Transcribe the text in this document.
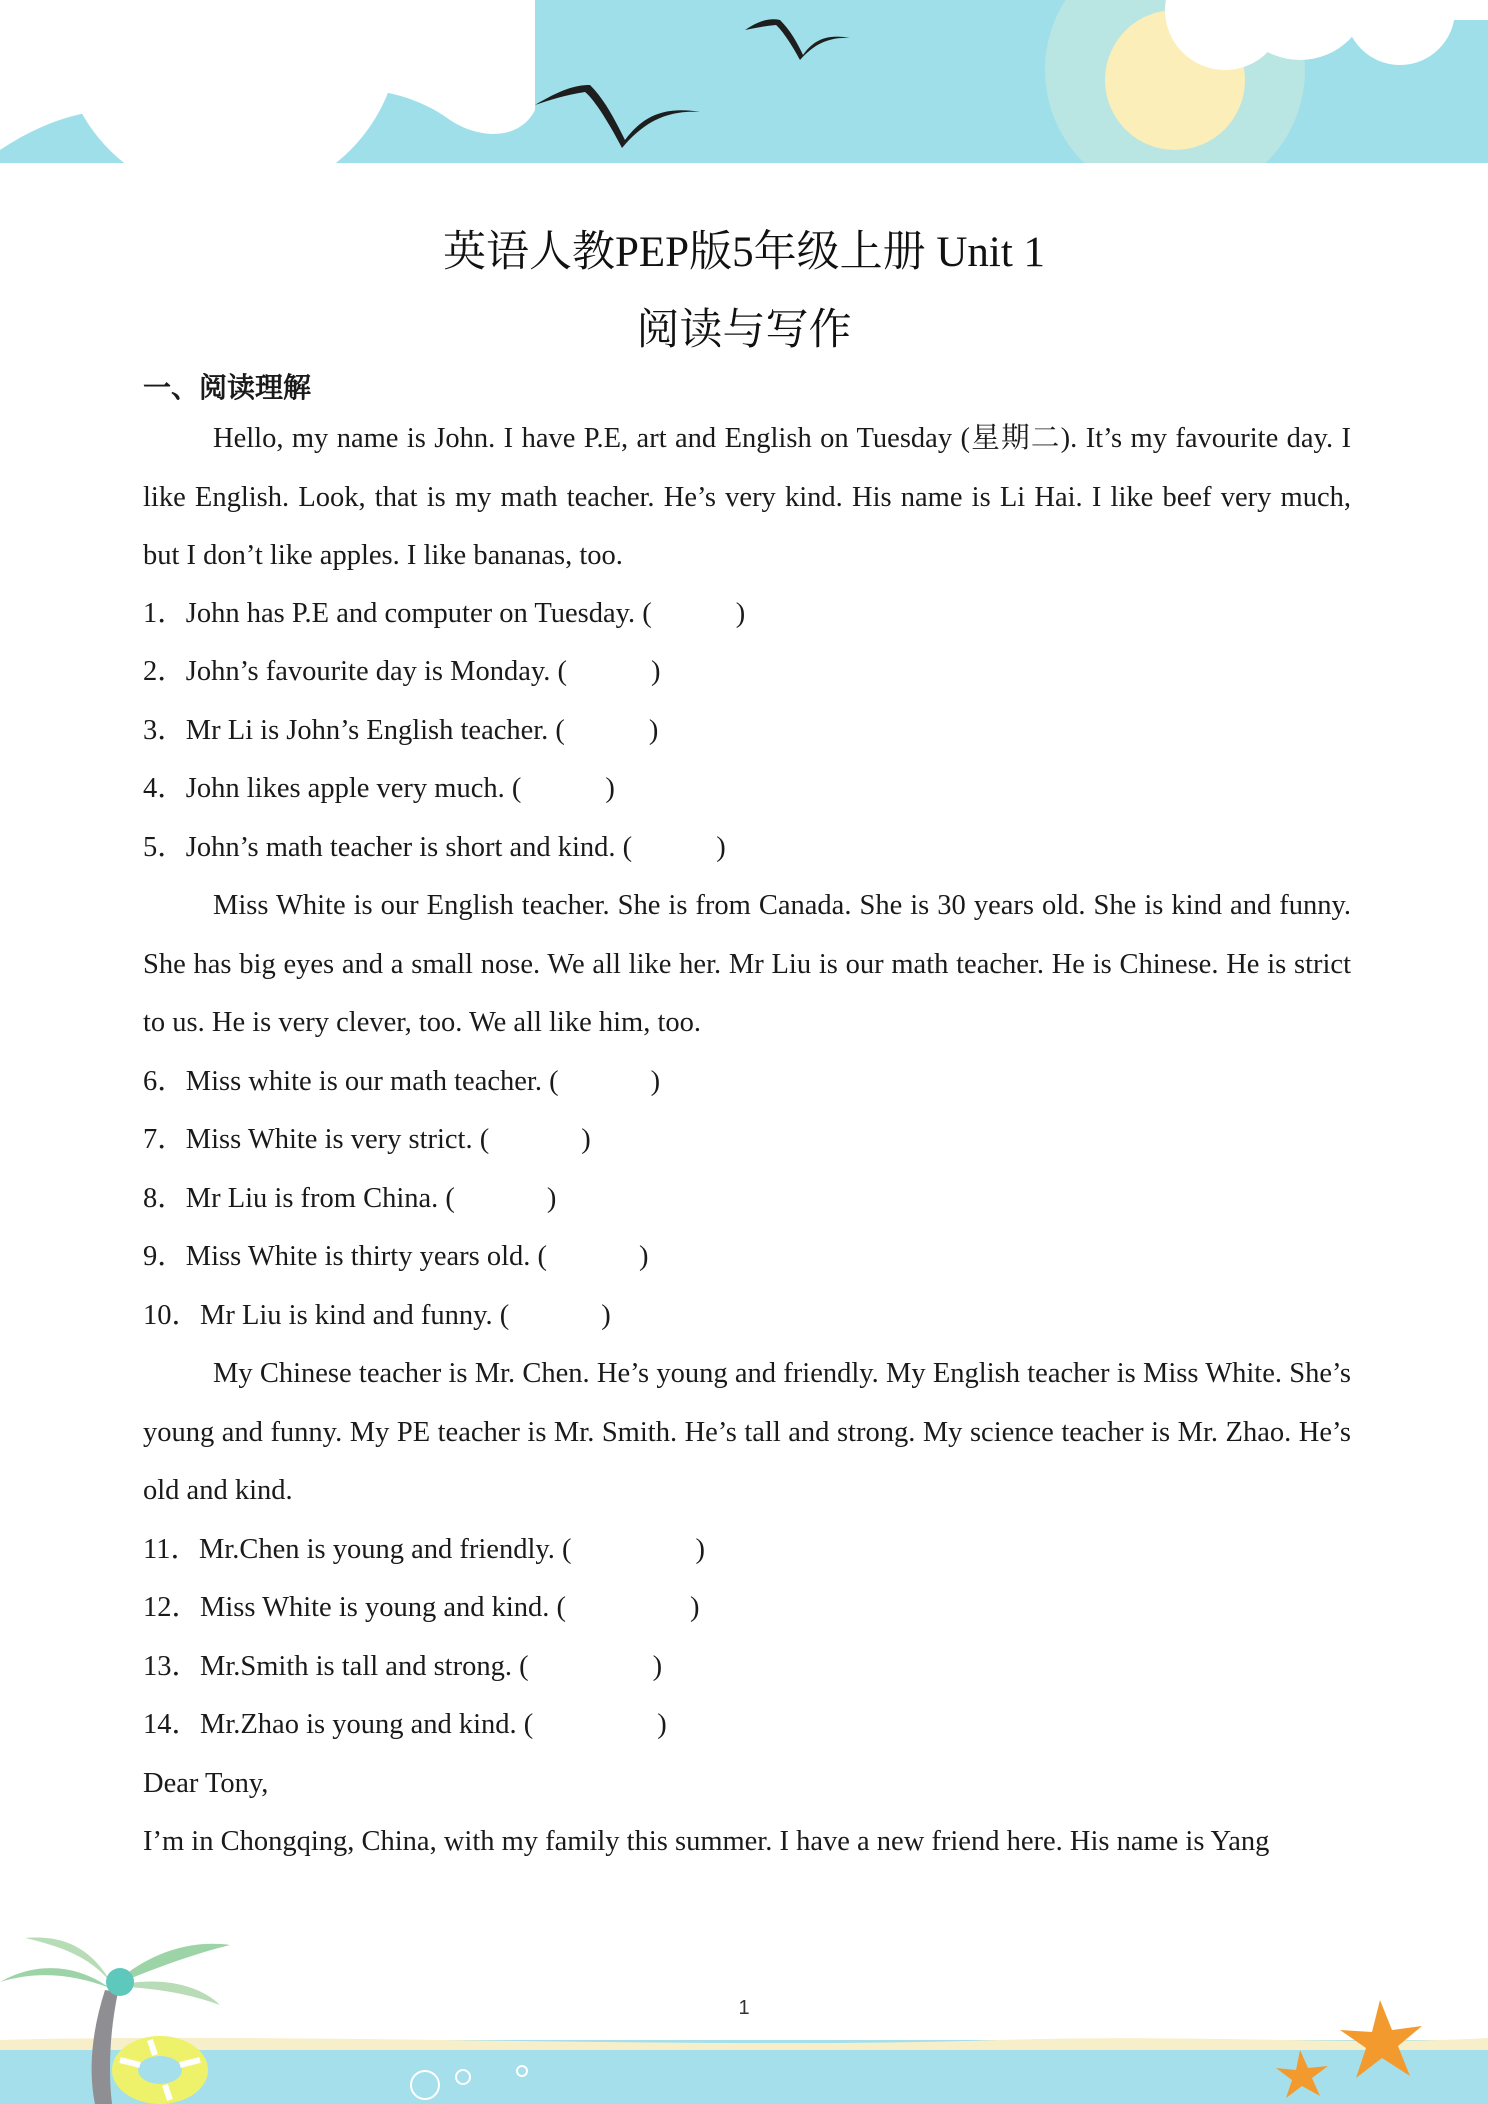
英语人教PEP版5年级上册 Unit 1
阅读与写作
一、阅读理解

Hello, my name is John. I have P.E, art and English on Tuesday (星期二). It’s my favourite day. I like English. Look, that is my math teacher. He’s very kind. His name is Li Hai. I like beef very much, but I don’t like apples. I like bananas, too.

1．John has P.E and computer on Tuesday. (	)
2．John’s favourite day is Monday. (	)
3．Mr Li is John’s English teacher. (	)
4．John likes apple very much. (	)
5．John’s math teacher is short and kind. (	)

Miss White is our English teacher. She is from Canada. She is 30 years old. She is kind and funny. She has big eyes and a small nose. We all like her. Mr Liu is our math teacher. He is Chinese. He is strict to us. He is very clever, too. We all like him, too.

6．Miss white is our math teacher. (	)
7．Miss White is very strict. (	)
8．Mr Liu is from China. (	)
9．Miss White is thirty years old. (	)
10．Mr Liu is kind and funny. (	)

My Chinese teacher is Mr. Chen. He’s young and friendly. My English teacher is Miss White. She’s young and funny. My PE teacher is Mr. Smith. He’s tall and strong. My science teacher is Mr. Zhao. He’s old and kind.

11．Mr.Chen is young and friendly. (	)
12．Miss White is young and kind. (	)
13．Mr.Smith is tall and strong. (	)
14．Mr.Zhao is young and kind. (	)
Dear Tony,
I’m in Chongqing, China, with my family this summer. I have a new friend here. His name is Yang
1
